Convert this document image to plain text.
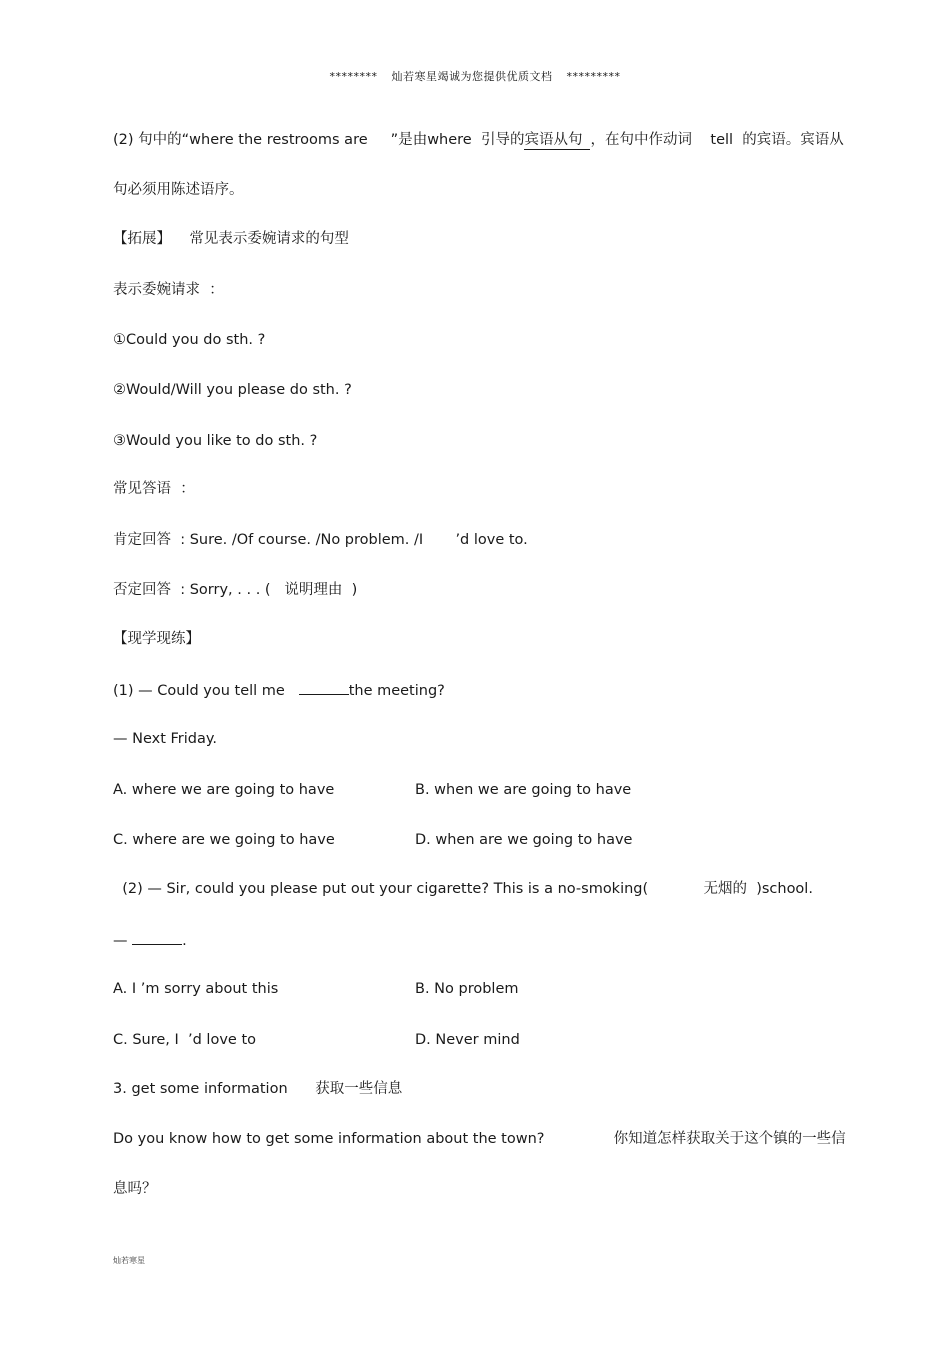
******** 灿若寒星竭诚为您提供优质文档 *********
(2) 句中的“where the restrooms are     ”是由where  引导的宾语从句 ，在句中作动词    tell  的宾语。宾语从
句必须用陈述语序。
【拓展】    常见表示委婉请求的句型
表示委婉请求  ：
①Could you do sth. ?
②Would/Will you please do sth. ?
③Would you like to do sth. ?
常见答语  ：
肯定回答  : Sure. /Of course. /No problem. /I       ’d love to.
否定回答  : Sorry, . . . (   说明理由  )
【现学现练】
(1) — Could you tell me	the meeting?
— Next Friday.
A. where we are going to have	B. when we are going to have
C. where are we going to have	D. when are we going to have
(2) — Sir, could you please put out your cigarette? This is a no-smoking(            无烟的  )school.
—	.
A. I ’m sorry about this	B. No problem
C. Sure, I  ’d love to	D. Never mind
3. get some information      获取一些信息
Do you know how to get some information about the town?               你知道怎样获取关于这个镇的一些信
息吗？
灿若寒星
